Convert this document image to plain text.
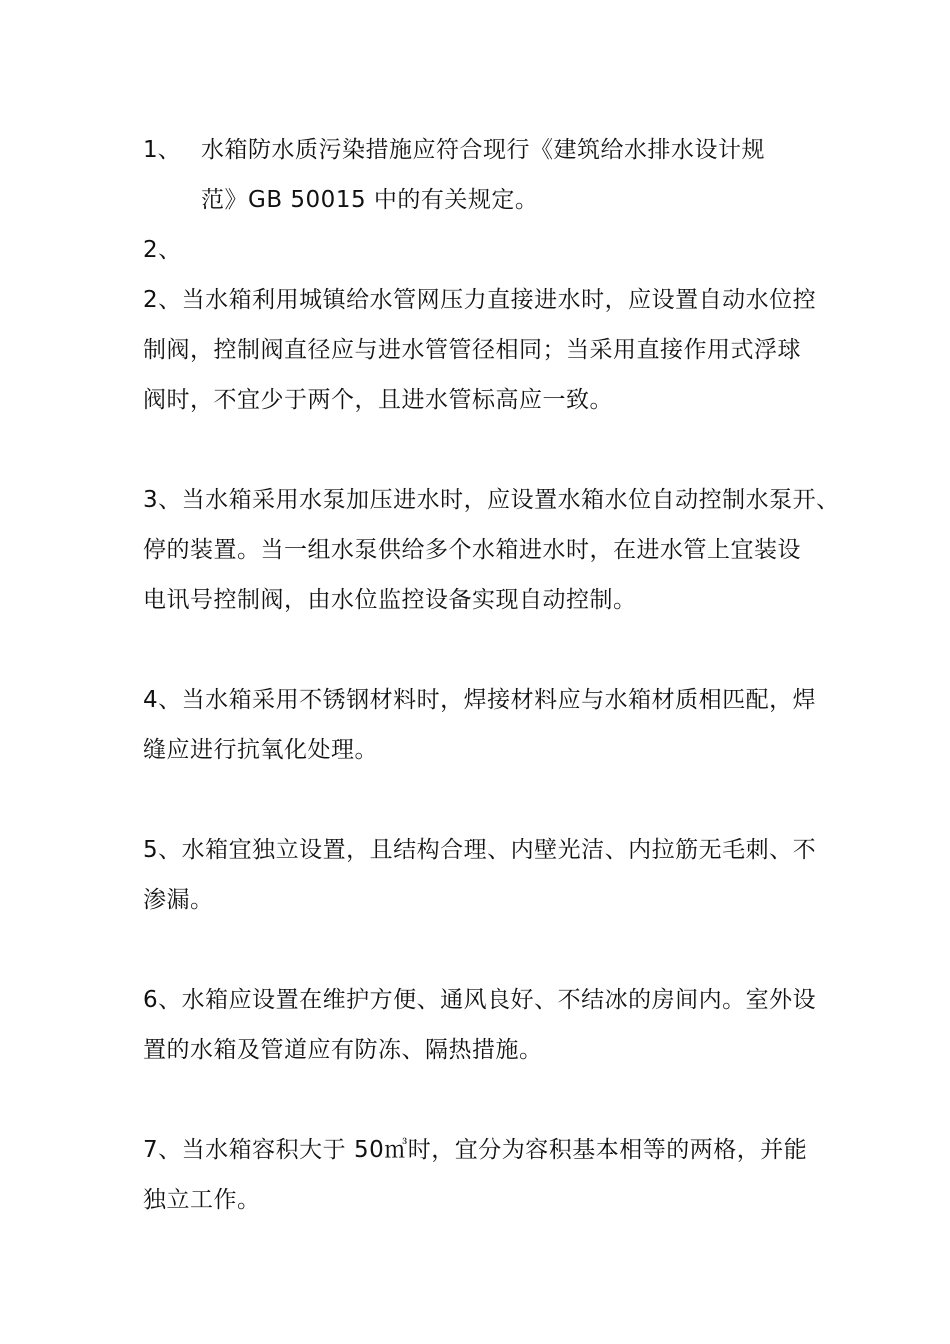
1、 水箱防水质污染措施应符合现行《建筑给水排水设计规
范》GB 50015 中的有关规定。
2、
2、当水箱利用城镇给水管网压力直接进水时，应设置自动水位控
制阀，控制阀直径应与进水管管径相同；当采用直接作用式浮球
阀时，不宜少于两个，且进水管标高应一致。
3、当水箱采用水泵加压进水时，应设置水箱水位自动控制水泵开、
停的装置。当一组水泵供给多个水箱进水时，在进水管上宜装设
电讯号控制阀，由水位监控设备实现自动控制。
4、当水箱采用不锈钢材料时，焊接材料应与水箱材质相匹配，焊
缝应进行抗氧化处理。
5、水箱宜独立设置，且结构合理、内壁光洁、内拉筋无毛刺、不
渗漏。
6、水箱应设置在维护方便、通风良好、不结冰的房间内。室外设
置的水箱及管道应有防冻、隔热措施。
7、当水箱容积大于 50㎥时，宜分为容积基本相等的两格，并能
独立工作。
